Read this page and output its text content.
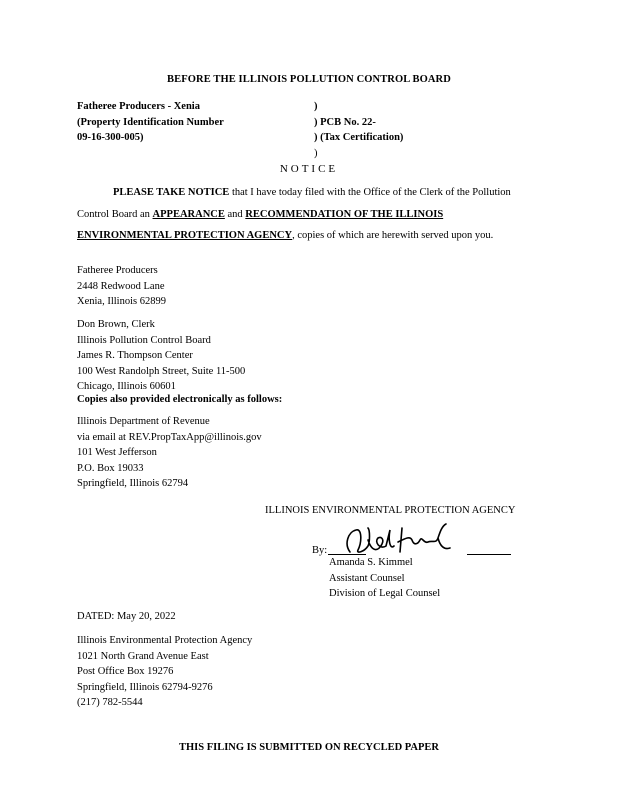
BEFORE THE ILLINOIS POLLUTION CONTROL BOARD
Fatheree Producers - Xenia
(Property Identification Number
09-16-300-005)
)
) PCB No. 22-
) (Tax Certification)
)
NOTICE
PLEASE TAKE NOTICE that I have today filed with the Office of the Clerk of the Pollution
Control Board an APPEARANCE and RECOMMENDATION OF THE ILLINOIS
ENVIRONMENTAL PROTECTION AGENCY, copies of which are herewith served upon you.
Fatheree Producers
2448 Redwood Lane
Xenia, Illinois 62899
Don Brown, Clerk
Illinois Pollution Control Board
James R. Thompson Center
100 West Randolph Street, Suite 11-500
Chicago, Illinois 60601
Copies also provided electronically as follows:
Illinois Department of Revenue
via email at REV.PropTaxApp@illinois.gov
101 West Jefferson
P.O. Box 19033
Springfield, Illinois 62794
ILLINOIS ENVIRONMENTAL PROTECTION AGENCY
By:
Amanda S. Kimmel
Assistant Counsel
Division of Legal Counsel
DATED: May 20, 2022
Illinois Environmental Protection Agency
1021 North Grand Avenue East
Post Office Box 19276
Springfield, Illinois 62794-9276
(217) 782-5544
THIS FILING IS SUBMITTED ON RECYCLED PAPER
